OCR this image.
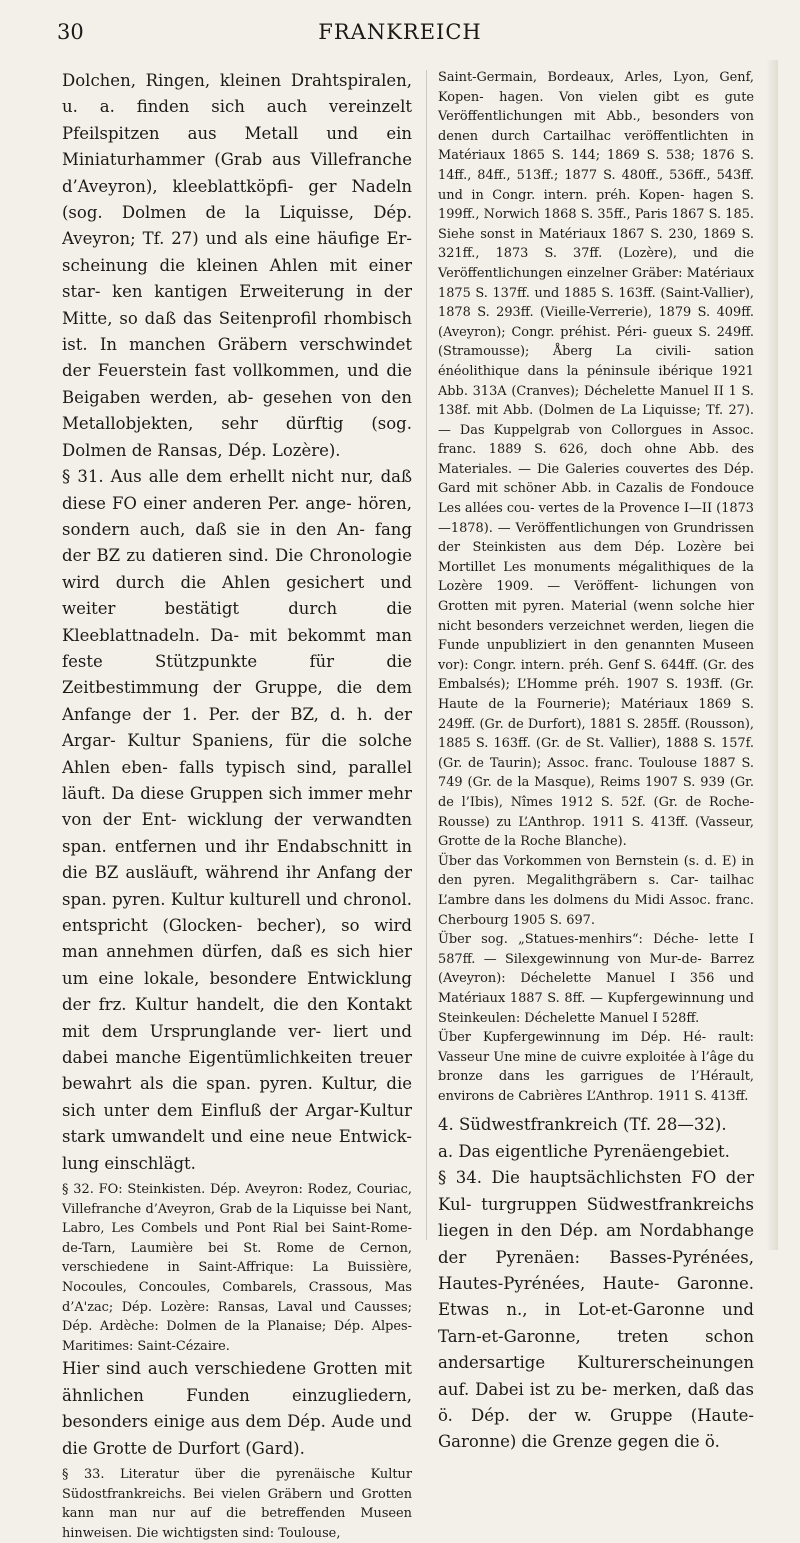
30	FRANKREICH

Dolchen, Ringen, kleinen Drahtspiralen, u. a. finden sich auch vereinzelt Pfeilspitzen aus Metall und ein Miniaturhammer (Grab aus Villefranche d’Aveyron), kleeblattköpfi- ger Nadeln (sog. Dolmen de la Liquisse, Dép. Aveyron; Tf. 27) und als eine häufige Er- scheinung die kleinen Ahlen mit einer star- ken kantigen Erweiterung in der Mitte, so daß das Seitenprofil rhombisch ist. In manchen Gräbern verschwindet der Feuerstein fast vollkommen, und die Beigaben werden, ab- gesehen von den Metallobjekten, sehr dürftig (sog. Dolmen de Ransas, Dép. Lozère).

§ 31. Aus alle dem erhellt nicht nur, daß diese FO einer anderen Per. ange- hören, sondern auch, daß sie in den An- fang der BZ zu datieren sind. Die Chronologie wird durch die Ahlen gesichert und weiter bestätigt durch die Kleeblattnadeln. Da- mit bekommt man feste Stützpunkte für die Zeitbestimmung der Gruppe, die dem Anfange der 1. Per. der BZ, d. h. der Argar- Kultur Spaniens, für die solche Ahlen eben- falls typisch sind, parallel läuft. Da diese Gruppen sich immer mehr von der Ent- wicklung der verwandten span. entfernen und ihr Endabschnitt in die BZ ausläuft, während ihr Anfang der span. pyren. Kultur kulturell und chronol. entspricht (Glocken- becher), so wird man annehmen dürfen, daß es sich hier um eine lokale, besondere Entwicklung der frz. Kultur handelt, die den Kontakt mit dem Ursprunglande ver- liert und dabei manche Eigentümlichkeiten treuer bewahrt als die span. pyren. Kultur, die sich unter dem Einfluß der Argar-Kultur stark umwandelt und eine neue Entwick- lung einschlägt.

§ 32. FO: Steinkisten. Dép. Aveyron: Rodez, Couriac, Villefranche d’Aveyron, Grab de la Liquisse bei Nant, Labro, Les Combels und Pont Rial bei Saint-Rome-de-Tarn, Laumière bei St. Rome de Cernon, verschiedene in Saint-Affrique: La Buissière, Nocoules, Concoules, Combarels, Crassous, Mas d’A'zac; Dép. Lozère: Ransas, Laval und Causses; Dép. Ardèche: Dolmen de la Planaise; Dép. Alpes-Maritimes: Saint-Cézaire.

Hier sind auch verschiedene Grotten mit ähnlichen Funden einzugliedern, besonders einige aus dem Dép. Aude und die Grotte de Durfort (Gard).

§ 33. Literatur über die pyrenäische Kultur Südostfrankreichs. Bei vielen Gräbern und Grotten kann man nur auf die betreffenden Museen hinweisen. Die wichtigsten sind: Toulouse,

Saint-Germain, Bordeaux, Arles, Lyon, Genf, Kopen- hagen. Von vielen gibt es gute Veröffentlichungen mit Abb., besonders von denen durch Cartailhac veröffentlichten in Matériaux 1865 S. 144; 1869 S. 538; 1876 S. 14ff., 84ff., 513ff.; 1877 S. 480ff., 536ff., 543ff. und in Congr. intern. préh. Kopen- hagen S. 199ff., Norwich 1868 S. 35ff., Paris 1867 S. 185. Siehe sonst in Matériaux 1867 S. 230, 1869 S. 321ff., 1873 S. 37ff. (Lozère), und die Veröffentlichungen einzelner Gräber: Matériaux 1875 S. 137ff. und 1885 S. 163ff. (Saint-Vallier), 1878 S. 293ff. (Vieille-Verrerie), 1879 S. 409ff. (Aveyron); Congr. préhist. Péri- gueux S. 249ff. (Stramousse); Åberg La civili- sation énéolithique dans la péninsule ibérique 1921 Abb. 313A (Cranves); Déchelette Manuel II 1 S. 138f. mit Abb. (Dolmen de La Liquisse; Tf. 27). — Das Kuppelgrab von Collorgues in Assoc. franc. 1889 S. 626, doch ohne Abb. des Materiales. — Die Galeries couvertes des Dép. Gard mit schöner Abb. in Cazalis de Fondouce Les allées cou- vertes de la Provence I—II (1873—1878). — Veröffentlichungen von Grundrissen der Steinkisten aus dem Dép. Lozère bei Mortillet Les monuments mégalithiques de la Lozère 1909. — Veröffent- lichungen von Grotten mit pyren. Material (wenn solche hier nicht besonders verzeichnet werden, liegen die Funde unpubliziert in den genannten Museen vor): Congr. intern. préh. Genf S. 644ff. (Gr. des Embalsés); L’Homme préh. 1907 S. 193ff. (Gr. Haute de la Fournerie); Matériaux 1869 S. 249ff. (Gr. de Durfort), 1881 S. 285ff. (Rousson), 1885 S. 163ff. (Gr. de St. Vallier), 1888 S. 157f. (Gr. de Taurin); Assoc. franc. Toulouse 1887 S. 749 (Gr. de la Masque), Reims 1907 S. 939 (Gr. de l’Ibis), Nîmes 1912 S. 52f. (Gr. de Roche- Rousse) zu L’Anthrop. 1911 S. 413ff. (Vasseur, Grotte de la Roche Blanche).

Über das Vorkommen von Bernstein (s. d. E) in den pyren. Megalithgräbern s. Car- tailhac L’ambre dans les dolmens du Midi Assoc. franc. Cherbourg 1905 S. 697.

Über sog. „Statues-menhirs“: Déche- lette I 587ff. — Silexgewinnung von Mur-de- Barrez (Aveyron): Déchelette Manuel I 356 und Matériaux 1887 S. 8ff. — Kupfergewinnung und Steinkeulen: Déchelette Manuel I 528ff.

Über Kupfergewinnung im Dép. Hé- rault: Vasseur Une mine de cuivre exploitée à l’âge du bronze dans les garrigues de l’Hérault, environs de Cabrières L’Anthrop. 1911 S. 413ff.

4. Südwestfrankreich (Tf. 28—32).

a. Das eigentliche Pyrenäengebiet.

§ 34. Die hauptsächlichsten FO der Kul- turgruppen Südwestfrankreichs liegen in den Dép. am Nordabhange der Pyrenäen: Basses-Pyrénées, Hautes-Pyrénées, Haute- Garonne. Etwas n., in Lot-et-Garonne und Tarn-et-Garonne, treten schon andersartige Kulturerscheinungen auf. Dabei ist zu be- merken, daß das ö. Dép. der w. Gruppe (Haute-Garonne) die Grenze gegen die ö.
